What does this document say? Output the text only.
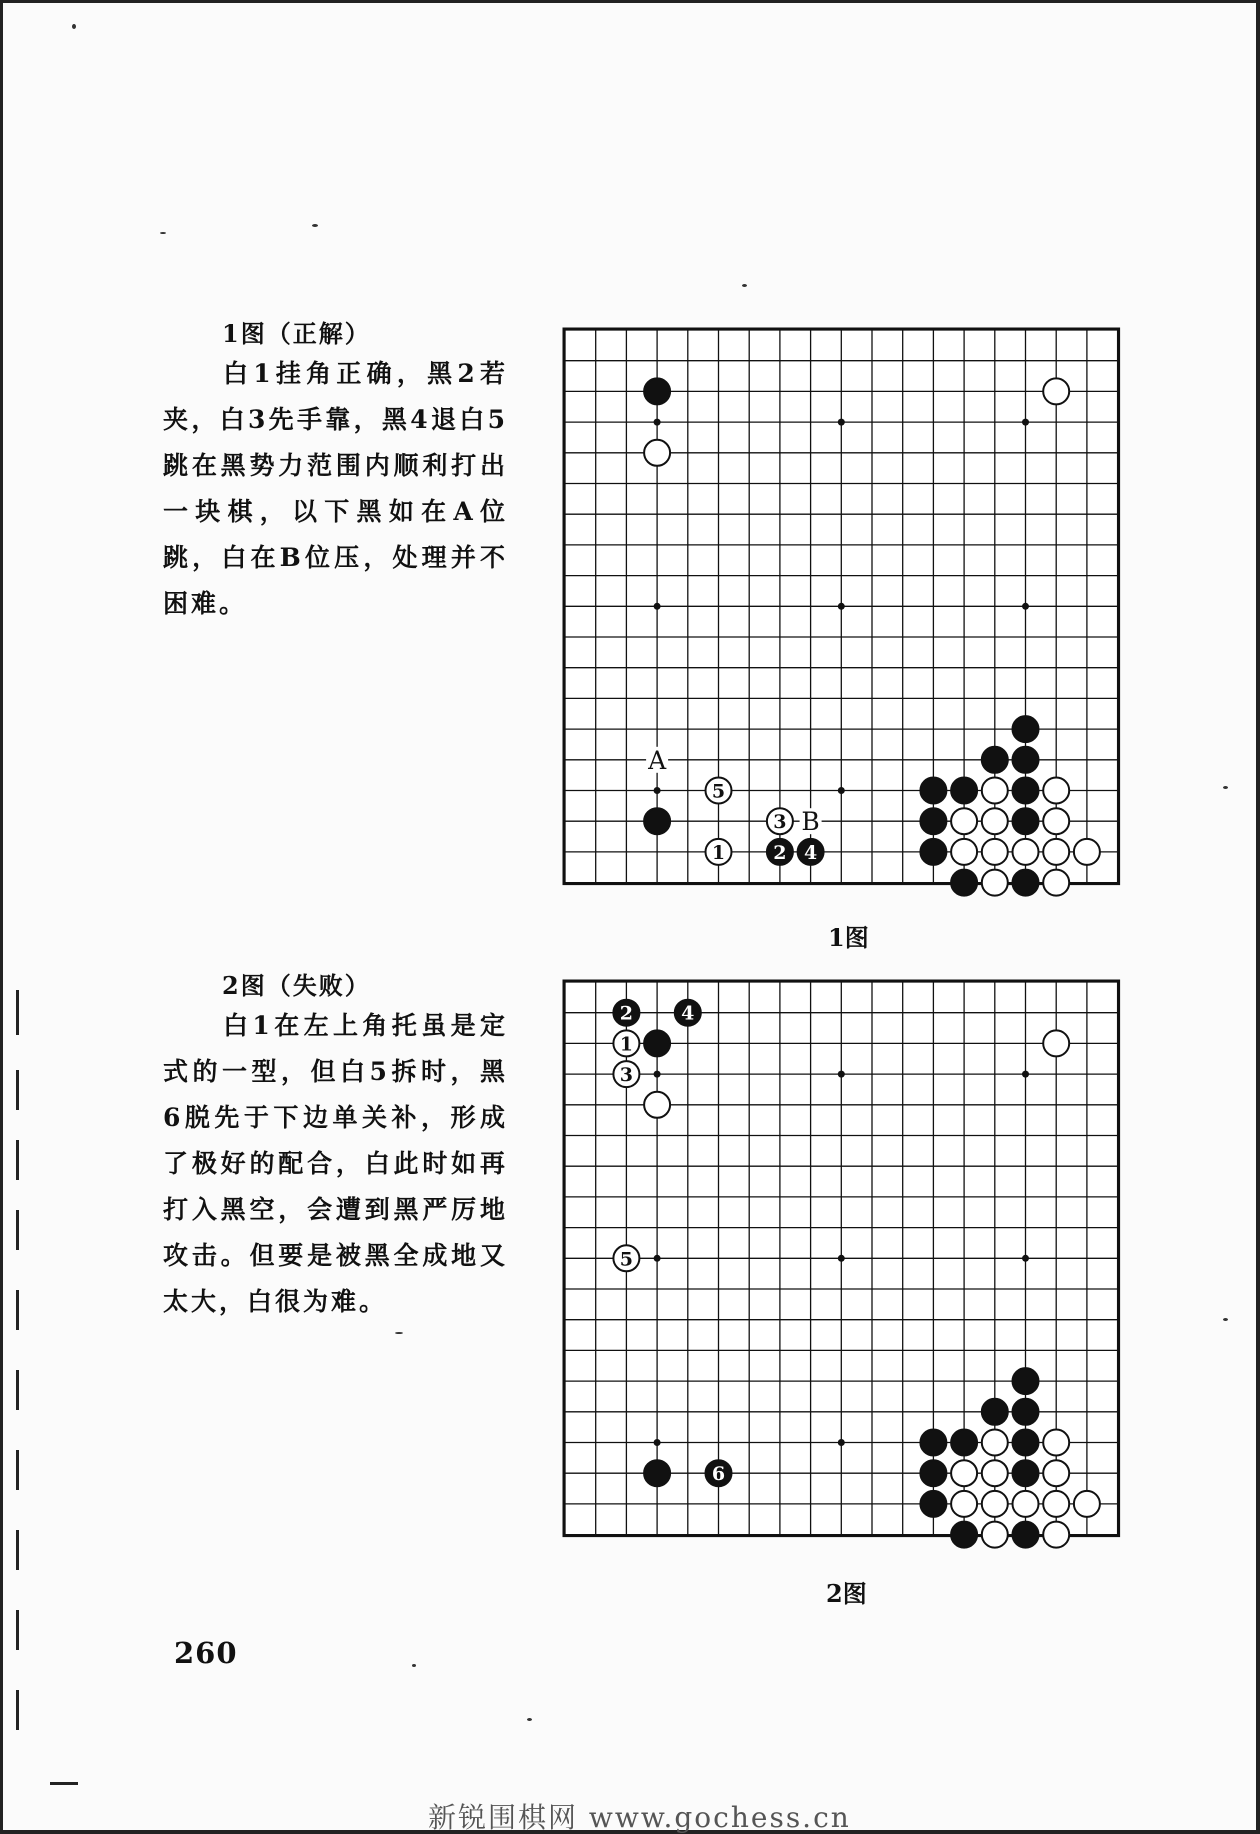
1图（正解）
白1挂角正确，黑2若夹，白3先手靠，黑4退白5跳在黑势力范围内顺利打出一块棋，以下黑如在A位跳，白在B位压，处理并不困难。
A
B
1	2
3
4
5
1图
2图（失败）
白1在左上角托虽是定式的一型，但白5拆时，黑6脱先于下边单关补，形成了极好的配合，白此时如再打入黑空，会遭到黑严厉地攻击。但要是被黑全成地又太大，白很为难。
1
2
3
4
5
6
2图
260
新锐围棋网 www.gochess.cn
